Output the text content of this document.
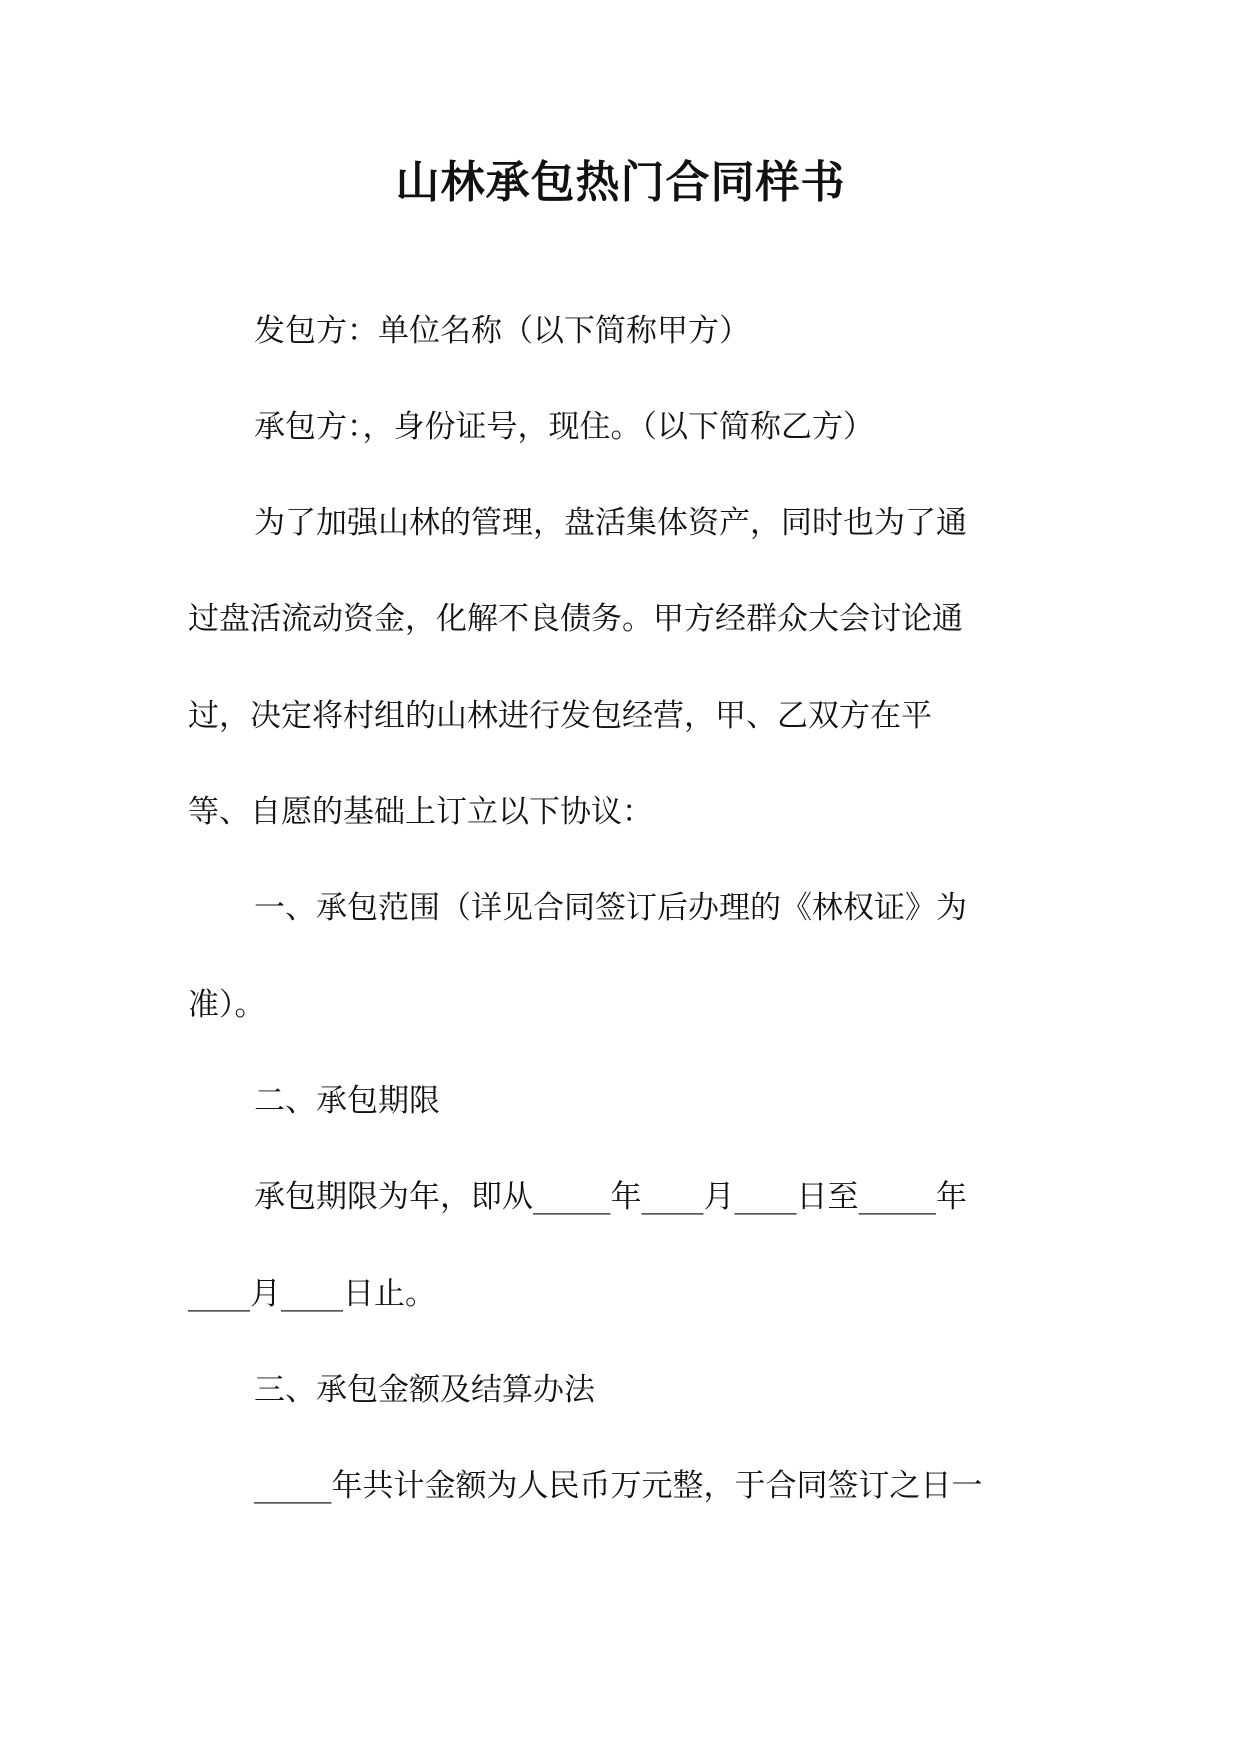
山林承包热门合同样书

发包方：单位名称（以下简称甲方）

承包方：，身份证号，现住。（以下简称乙方）

为了加强山林的管理，盘活集体资产，同时也为了通

过盘活流动资金，化解不良债务。甲方经群众大会讨论通

过，决定将村组的山林进行发包经营，甲、乙双方在平

等、自愿的基础上订立以下协议：

一、承包范围（详见合同签订后办理的《林权证》为

准）。

二、承包期限

承包期限为年，即从_____年____月____日至_____年

____月____日止。

三、承包金额及结算办法

_____年共计金额为人民币万元整，于合同签订之日一
